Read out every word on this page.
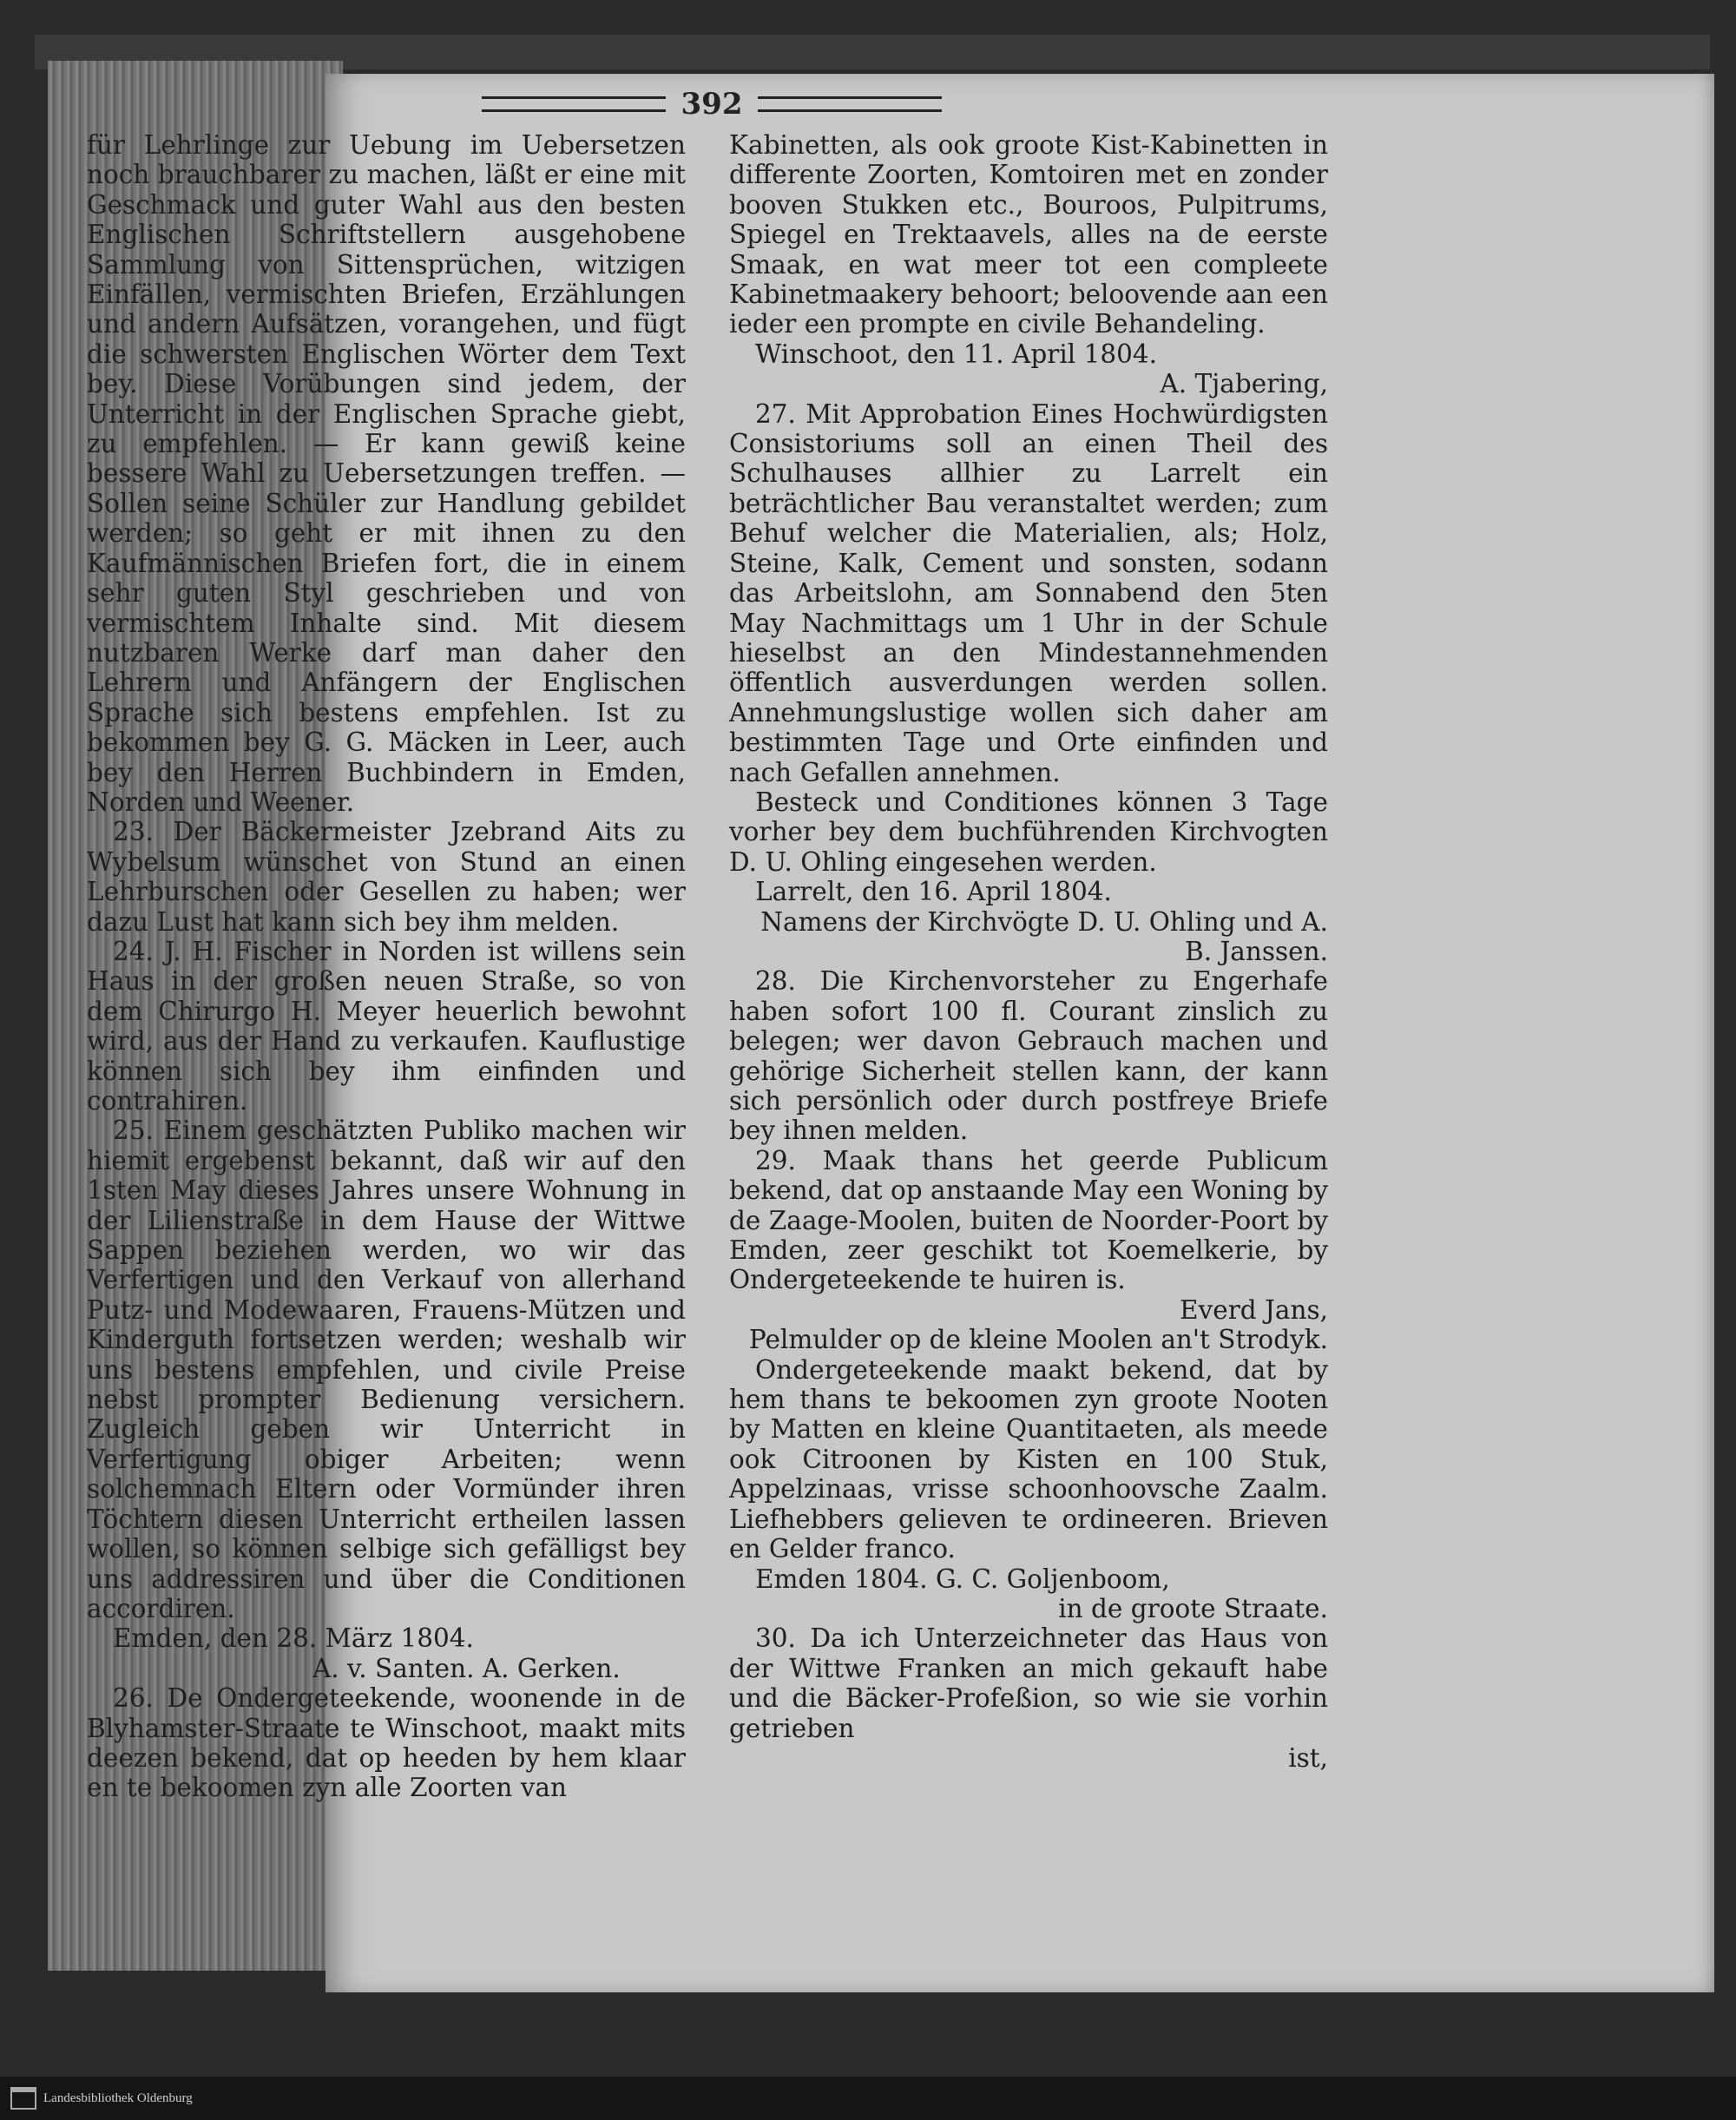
392

für Lehrlinge zur Uebung im Uebersetzen noch brauchbarer zu machen, läßt er eine mit Geschmack und guter Wahl aus den besten Englischen Schriftstellern ausgehobene Sammlung von Sittensprüchen, witzigen Einfällen, vermischten Briefen, Erzählungen und andern Aufsätzen, vorangehen, und fügt die schwersten Englischen Wörter dem Text bey. Diese Vorübungen sind jedem, der Unterricht in der Englischen Sprache giebt, zu empfehlen. — Er kann gewiß keine bessere Wahl zu Uebersetzungen treffen. — Sollen seine Schüler zur Handlung gebildet werden; so geht er mit ihnen zu den Kaufmännischen Briefen fort, die in einem sehr guten Styl geschrieben und von vermischtem Inhalte sind. Mit diesem nutzbaren Werke darf man daher den Lehrern und Anfängern der Englischen Sprache sich bestens empfehlen. Ist zu bekommen bey G. G. Mäcken in Leer, auch bey den Herren Buchbindern in Emden, Norden und Weener.

23. Der Bäckermeister Jzebrand Aits zu Wybelsum wünschet von Stund an einen Lehrburschen oder Gesellen zu haben; wer dazu Lust hat kann sich bey ihm melden.

24. J. H. Fischer in Norden ist willens sein Haus in der großen neuen Straße, so von dem Chirurgo H. Meyer heuerlich bewohnt wird, aus der Hand zu verkaufen. Kauflustige können sich bey ihm einfinden und contrahiren.

25. Einem geschätzten Publiko machen wir hiemit ergebenst bekannt, daß wir auf den 1sten May dieses Jahres unsere Wohnung in der Lilienstraße in dem Hause der Wittwe Sappen beziehen werden, wo wir das Verfertigen und den Verkauf von allerhand Putz- und Modewaaren, Frauens-Mützen und Kinderguth fortsetzen werden; weshalb wir uns bestens empfehlen, und civile Preise nebst prompter Bedienung versichern. Zugleich geben wir Unterricht in Verfertigung obiger Arbeiten; wenn solchemnach Eltern oder Vormünder ihren Töchtern diesen Unterricht ertheilen lassen wollen, so können selbige sich gefälligst bey uns addressiren und über die Conditionen accordiren.

Emden, den 28. März 1804.

A. v. Santen. A. Gerken.

26. De Ondergeteekende, woonende in de Blyhamster-Straate te Winschoot, maakt mits deezen bekend, dat op heeden by hem klaar en te bekoomen zyn alle Zoorten van

Kabinetten, als ook groote Kist-Kabinetten in differente Zoorten, Komtoiren met en zonder booven Stukken etc., Bouroos, Pulpitrums, Spiegel en Trektaavels, alles na de eerste Smaak, en wat meer tot een compleete Kabinetmaakery behoort; beloovende aan een ieder een prompte en civile Behandeling.

Winschoot, den 11. April 1804.

A. Tjabering,

27. Mit Approbation Eines Hochwürdigsten Consistoriums soll an einen Theil des Schulhauses allhier zu Larrelt ein beträchtlicher Bau veranstaltet werden; zum Behuf welcher die Materialien, als; Holz, Steine, Kalk, Cement und sonsten, sodann das Arbeitslohn, am Sonnabend den 5ten May Nachmittags um 1 Uhr in der Schule hieselbst an den Mindestannehmenden öffentlich ausverdungen werden sollen. Annehmungslustige wollen sich daher am bestimmten Tage und Orte einfinden und nach Gefallen annehmen.

Besteck und Conditiones können 3 Tage vorher bey dem buchführenden Kirchvogten D. U. Ohling eingesehen werden.

Larrelt, den 16. April 1804.

Namens der Kirchvögte D. U. Ohling und A. B. Janssen.

28. Die Kirchenvorsteher zu Engerhafe haben sofort 100 fl. Courant zinslich zu belegen; wer davon Gebrauch machen und gehörige Sicherheit stellen kann, der kann sich persönlich oder durch postfreye Briefe bey ihnen melden.

29. Maak thans het geerde Publicum bekend, dat op anstaande May een Woning by de Zaage-Moolen, buiten de Noorder-Poort by Emden, zeer geschikt tot Koemelkerie, by Ondergeteekende te huiren is.

Everd Jans,

Pelmulder op de kleine Moolen an't Strodyk.

Ondergeteekende maakt bekend, dat by hem thans te bekoomen zyn groote Nooten by Matten en kleine Quantitaeten, als meede ook Citroonen by Kisten en 100 Stuk, Appelzinaas, vrisse schoonhoovsche Zaalm. Liefhebbers gelieven te ordineeren. Brieven en Gelder franco.

Emden 1804. G. C. Goljenboom,

in de groote Straate.

30. Da ich Unterzeichneter das Haus von der Wittwe Franken an mich gekauft habe und die Bäcker-Profeßion, so wie sie vorhin getrieben

ist,

Landesbibliothek Oldenburg
